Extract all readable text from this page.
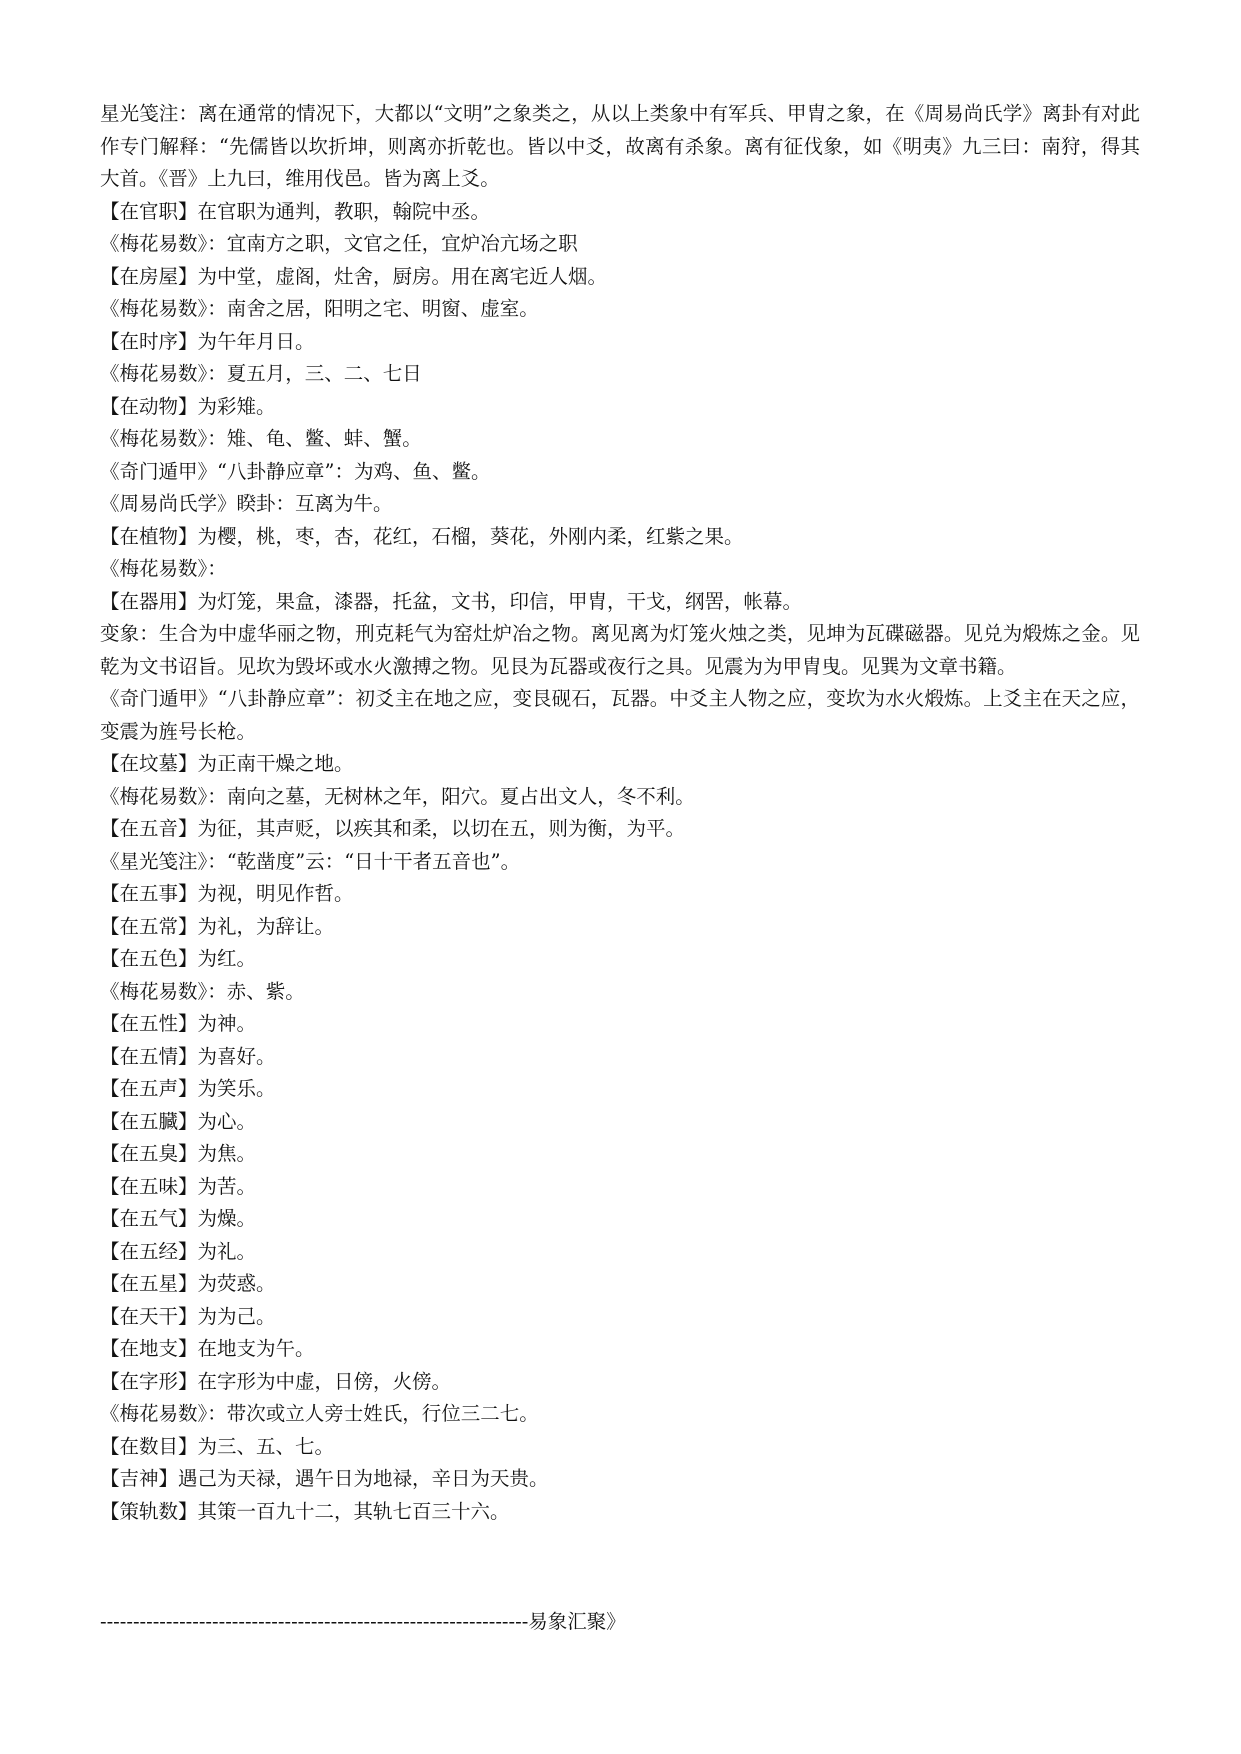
星光笺注：离在通常的情况下，大都以“文明”之象类之，从以上类象中有军兵、甲胄之象，在《周易尚氏学》离卦有对此作专门解释：“先儒皆以坎折坤，则离亦折乾也。皆以中爻，故离有杀象。离有征伐象，如《明夷》九三曰：南狩，得其大首。《晋》上九曰，维用伐邑。皆为离上爻。
【在官职】在官职为通判，教职，翰院中丞。
《梅花易数》：宜南方之职，文官之任，宜炉冶亢场之职
【在房屋】为中堂，虚阁，灶舍，厨房。用在离宅近人烟。
《梅花易数》：南舍之居，阳明之宅、明窗、虚室。
【在时序】为午年月日。
《梅花易数》：夏五月，三、二、七日
【在动物】为彩雉。
《梅花易数》：雉、龟、鳖、蚌、蟹。
《奇门遁甲》“八卦静应章”：为鸡、鱼、鳖。
《周易尚氏学》睽卦：互离为牛。
【在植物】为樱，桃，枣，杏，花红，石榴，葵花，外刚内柔，红紫之果。
《梅花易数》：
【在器用】为灯笼，果盒，漆器，托盆，文书，印信，甲胄，干戈，纲罟，帐幕。
变象：生合为中虚华丽之物，刑克耗气为窑灶炉冶之物。离见离为灯笼火烛之类，见坤为瓦碟磁器。见兑为煅炼之金。见乾为文书诏旨。见坎为毁坏或水火激搏之物。见艮为瓦器或夜行之具。见震为为甲胄曳。见巽为文章书籍。
《奇门遁甲》“八卦静应章”：初爻主在地之应，变艮砚石，瓦器。中爻主人物之应，变坎为水火煅炼。上爻主在天之应，变震为旌号长枪。
【在坟墓】为正南干燥之地。
《梅花易数》：南向之墓，无树林之年，阳穴。夏占出文人，冬不利。
【在五音】为征，其声贬，以疾其和柔，以切在五，则为衡，为平。
《星光笺注》：“乾凿度”云：“日十干者五音也”。
【在五事】为视，明见作哲。
【在五常】为礼，为辞让。
【在五色】为红。
《梅花易数》：赤、紫。
【在五性】为神。
【在五情】为喜好。
【在五声】为笑乐。
【在五臓】为心。
【在五臭】为焦。
【在五味】为苦。
【在五气】为燥。
【在五经】为礼。
【在五星】为荧惑。
【在天干】为为己。
【在地支】在地支为午。
【在字形】在字形为中虚，日傍，火傍。
《梅花易数》：带次或立人旁士姓氏，行位三二七。
【在数目】为三、五、七。
【吉神】遇己为天禄，遇午日为地禄，辛日为天贵。
【策轨数】其策一百九十二，其轨七百三十六。
-----------------------------------------------------------------易象汇聚》
